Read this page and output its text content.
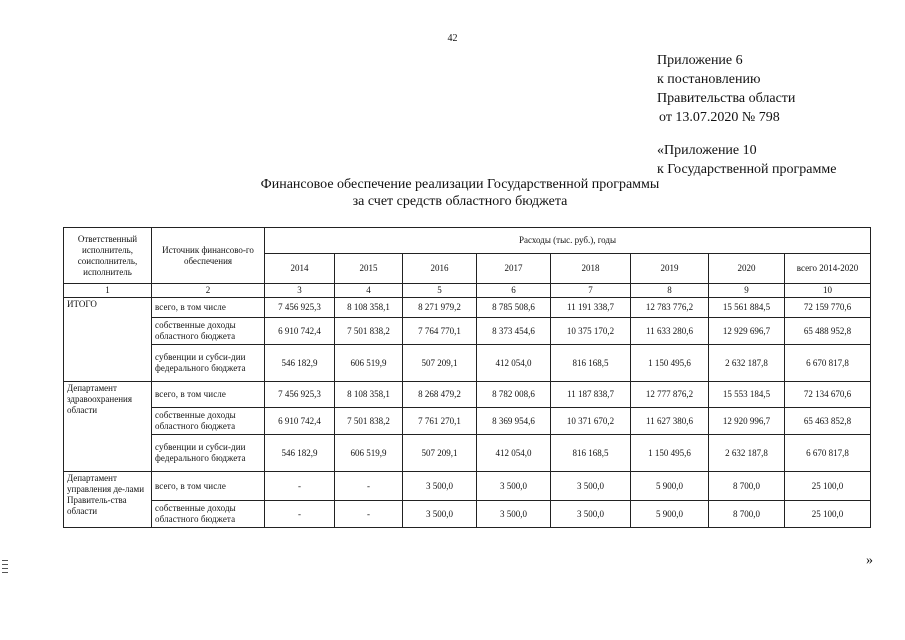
42
Приложение 6
к постановлению
Правительства области
от 13.07.2020 № 798
«Приложение 10
к Государственной программе
Финансовое обеспечение реализации Государственной программы
за счет средств областного бюджета
Ответственный исполнитель, соисполнитель, исполнитель	Источник финансово-го обеспечения	Расходы (тыс. руб.), годы							
		2014	2015	2016	2017	2018	2019	2020	всего 2014-2020
1	2	3	4	5	6	7	8	9	10
ИТОГО	всего, в том числе	7 456 925,3	8 108 358,1	8 271 979,2	8 785 508,6	11 191 338,7	12 783 776,2	15 561 884,5	72 159 770,6
	собственные доходы областного бюджета	6 910 742,4	7 501 838,2	7 764 770,1	8 373 454,6	10 375 170,2	11 633 280,6	12 929 696,7	65 488 952,8
	субвенции и субси-дии федерального бюджета	546 182,9	606 519,9	507 209,1	412 054,0	816 168,5	1 150 495,6	2 632 187,8	6 670 817,8
Департамент здравоохранения области	всего, в том числе	7 456 925,3	8 108 358,1	8 268 479,2	8 782 008,6	11 187 838,7	12 777 876,2	15 553 184,5	72 134 670,6
	собственные доходы областного бюджета	6 910 742,4	7 501 838,2	7 761 270,1	8 369 954,6	10 371 670,2	11 627 380,6	12 920 996,7	65 463 852,8
	субвенции и субси-дии федерального бюджета	546 182,9	606 519,9	507 209,1	412 054,0	816 168,5	1 150 495,6	2 632 187,8	6 670 817,8
Департамент управления де-лами Правитель-ства области	всего, в том числе	-	-	3 500,0	3 500,0	3 500,0	5 900,0	8 700,0	25 100,0
	собственные доходы областного бюджета	-	-	3 500,0	3 500,0	3 500,0	5 900,0	8 700,0	25 100,0
»
